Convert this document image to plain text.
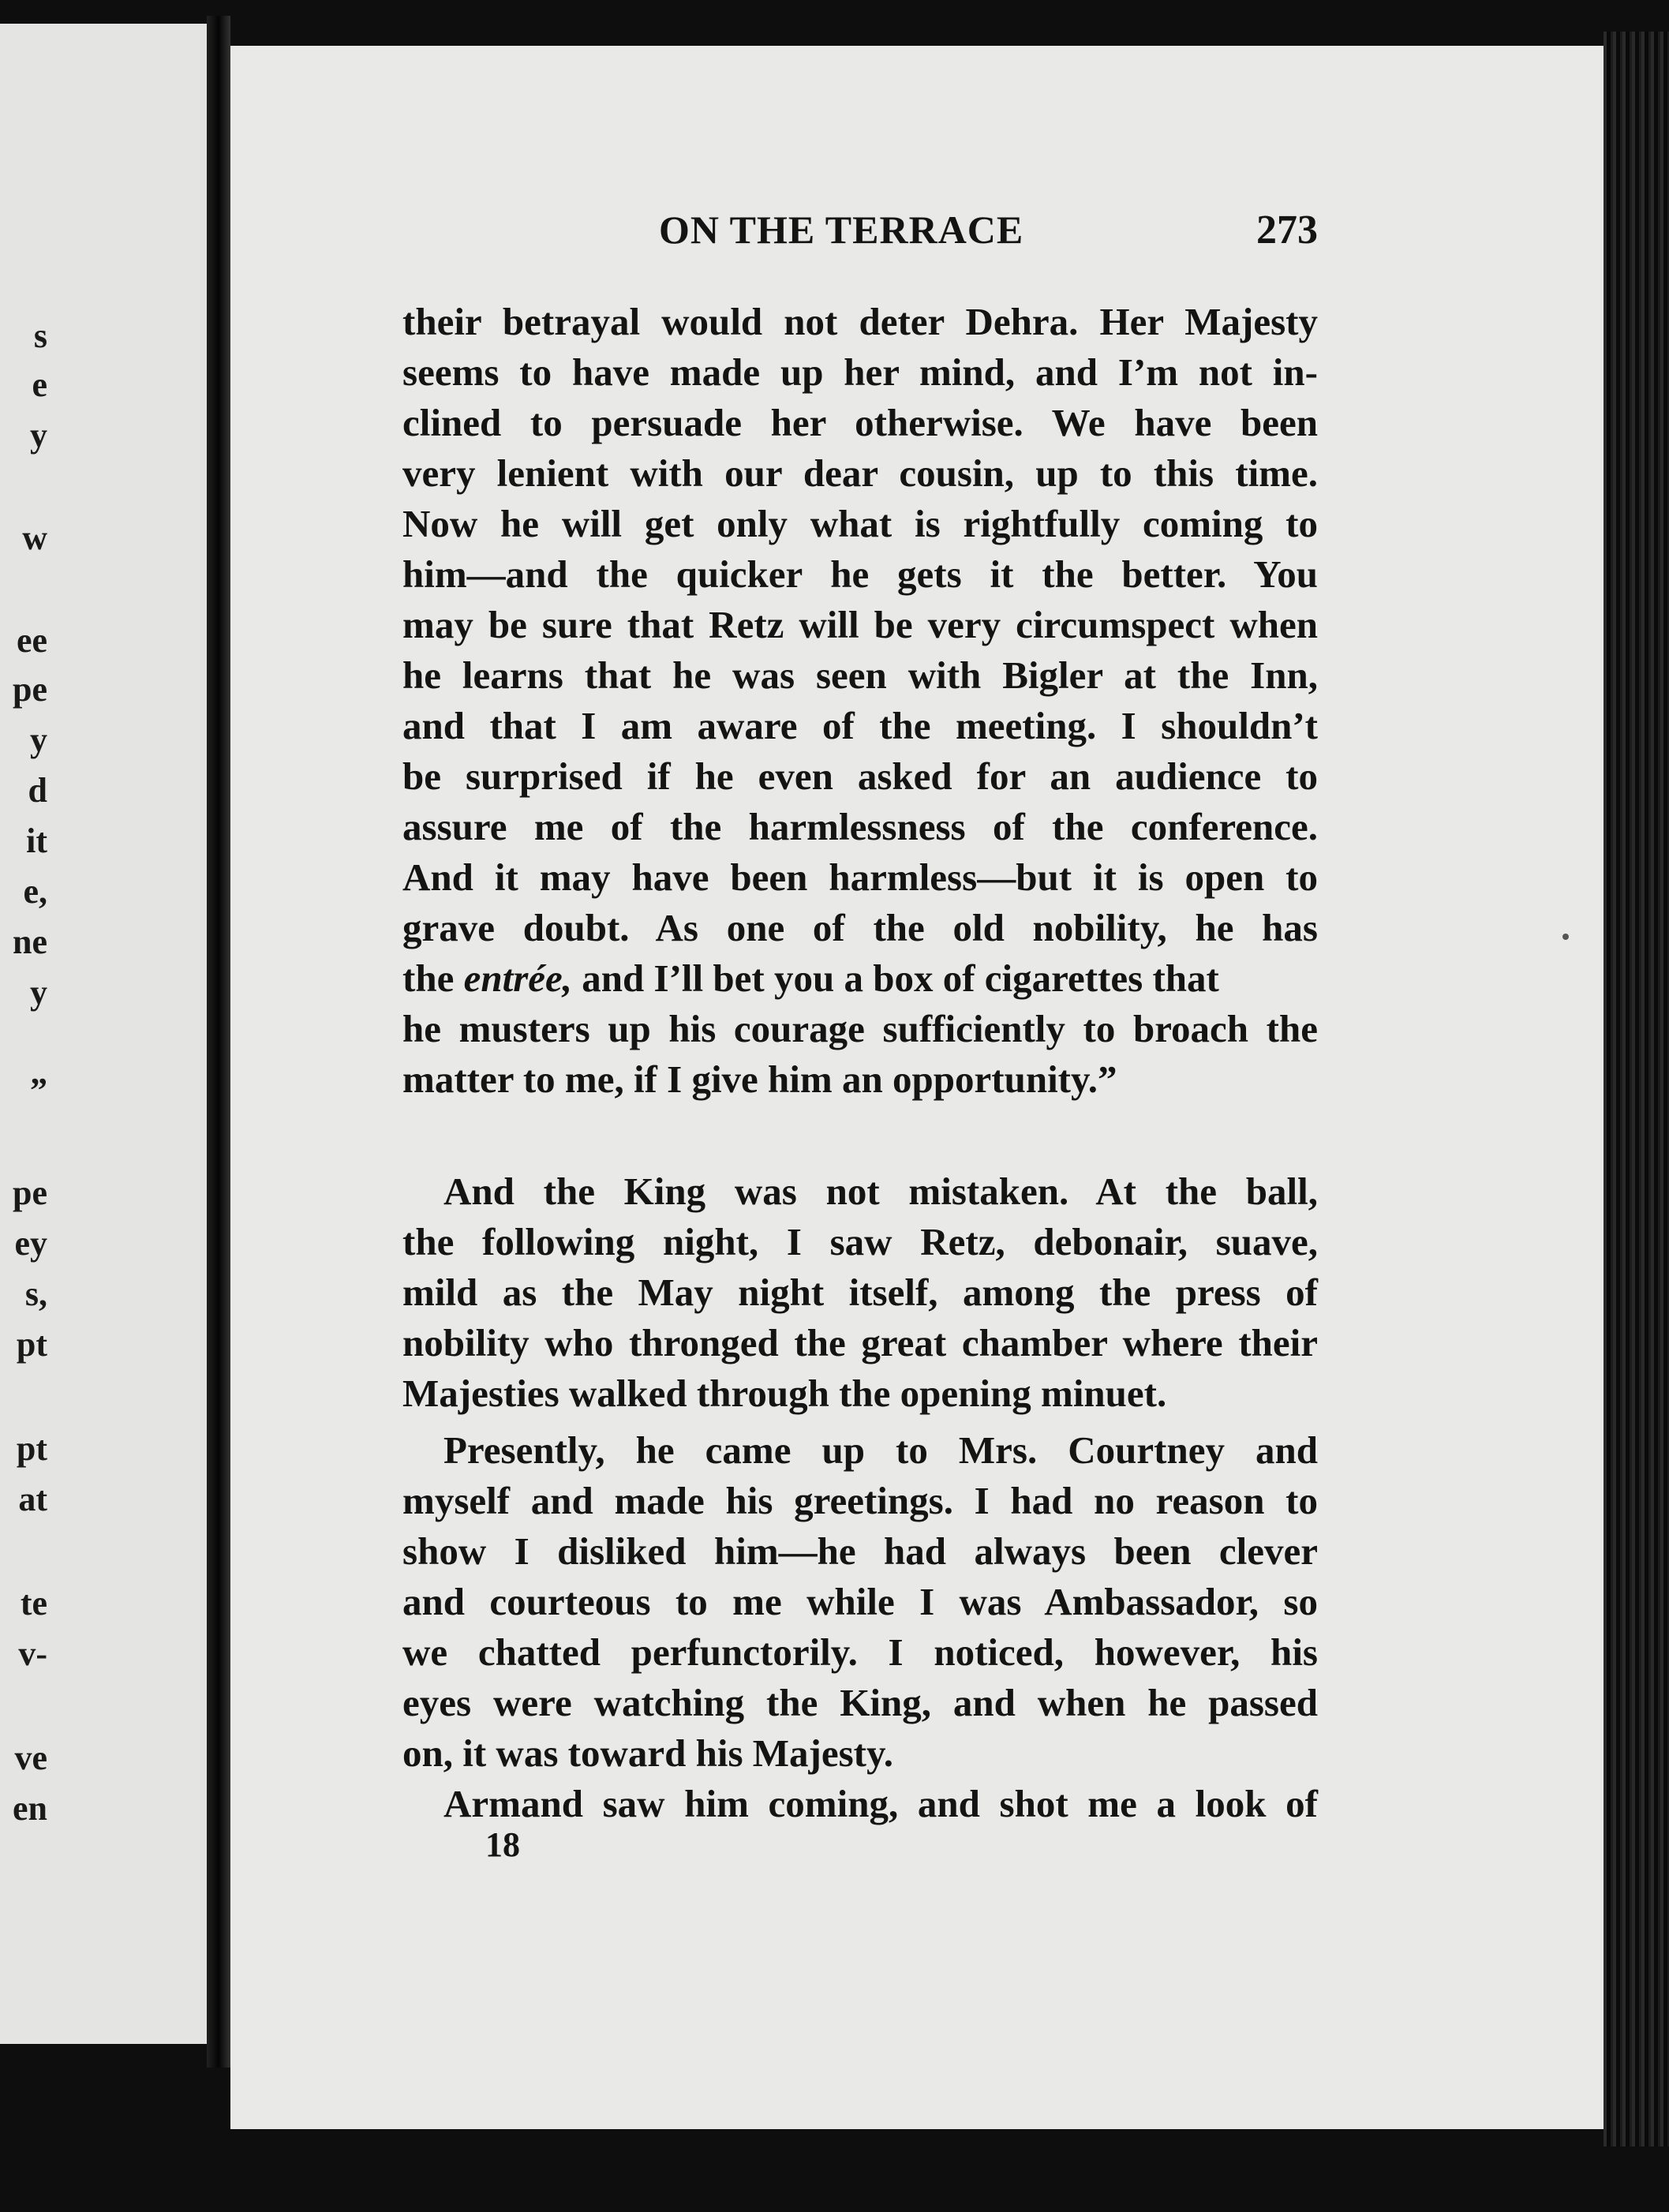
s
e
y
w
ee
pe
y
d
it
e,
ne
y
”
pe
ey
s,
pt
pt
at
te
v-
ve
en
ON THE TERRACE	273
their betrayal would not deter Dehra. Her Majesty
seems to have made up her mind, and I’m not in-
clined to persuade her otherwise. We have been
very lenient with our dear cousin, up to this time.
Now he will get only what is rightfully coming to
him—and the quicker he gets it the better. You
may be sure that Retz will be very circumspect when
he learns that he was seen with Bigler at the Inn,
and that I am aware of the meeting. I shouldn’t
be surprised if he even asked for an audience to
assure me of the harmlessness of the conference.
And it may have been harmless—but it is open to
grave doubt. As one of the old nobility, he has
the entrée, and I’ll bet you a box of cigarettes that
he musters up his courage sufficiently to broach the
matter to me, if I give him an opportunity.”
And the King was not mistaken. At the ball,
the following night, I saw Retz, debonair, suave,
mild as the May night itself, among the press of
nobility who thronged the great chamber where their
Majesties walked through the opening minuet.
Presently, he came up to Mrs. Courtney and
myself and made his greetings. I had no reason to
show I disliked him—he had always been clever
and courteous to me while I was Ambassador, so
we chatted perfunctorily. I noticed, however, his
eyes were watching the King, and when he passed
on, it was toward his Majesty.
Armand saw him coming, and shot me a look of
18
